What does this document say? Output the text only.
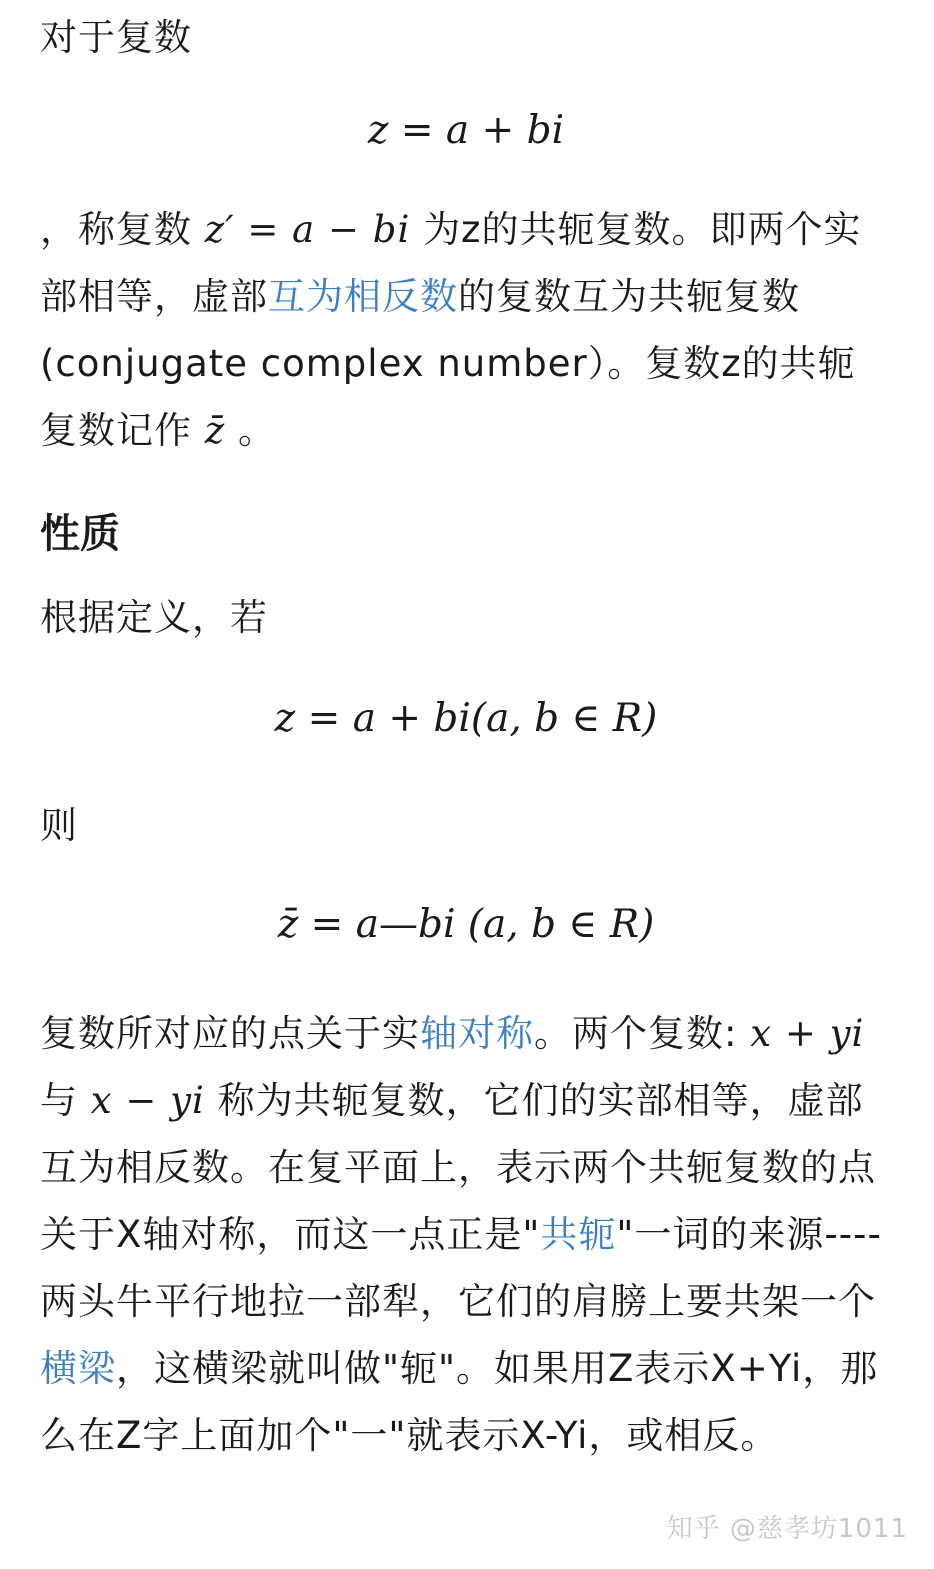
对于复数

z = a + bi

，称复数 z′ = a − bi 为z的共轭复数。即两个实部相等，虚部互为相反数的复数互为共轭复数(conjugate complex number）。复数z的共轭复数记作 z̄ 。

性质

根据定义，若

z = a + bi(a, b ∈ R)

则

z̄ = a—bi (a, b ∈ R)

复数所对应的点关于实轴对称。两个复数: x + yi 与 x − yi 称为共轭复数，它们的实部相等，虚部互为相反数。在复平面上，表示两个共轭复数的点关于X轴对称，而这一点正是"共轭"一词的来源----两头牛平行地拉一部犁，它们的肩膀上要共架一个横梁，这横梁就叫做"轭"。如果用Z表示X+Yi，那么在Z字上面加个"一"就表示X-Yi，或相反。

知乎 @慈孝坊1011
